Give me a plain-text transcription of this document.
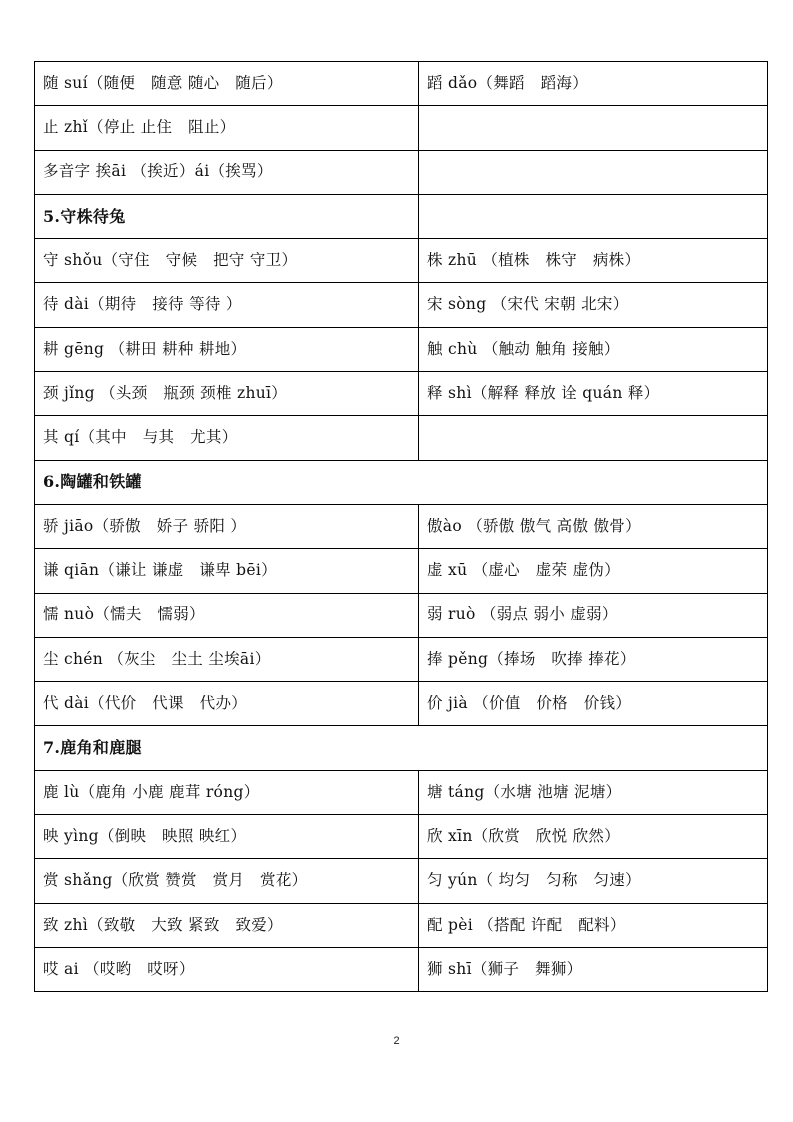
随 suí（随便　随意 随心　随后）	蹈 dǎo（舞蹈　蹈海）
止 zhǐ（停止 止住　阻止）	
多音字 挨āi （挨近）ái（挨骂）	
5.守株待兔	
守 shǒu（守住　守候　把守 守卫）	株 zhū （植株　株守　病株）
待 dài（期待　接待 等待 ）	宋 sòng （宋代 宋朝 北宋）
耕 gēng （耕田 耕种 耕地）	触 chù （触动 触角 接触）
颈 jǐng （头颈　瓶颈 颈椎 zhuī）	释 shì（解释 释放 诠 quán 释）
其 qí（其中　与其　尤其）	
6.陶罐和铁罐	
骄 jiāo（骄傲　娇子 骄阳 ）	傲ào （骄傲 傲气 高傲 傲骨）
谦 qiān（谦让 谦虚　谦卑 bēi）	虚 xū （虚心　虚荣 虚伪）
懦 nuò（懦夫　懦弱）	弱 ruò （弱点 弱小 虚弱）
尘 chén （灰尘　尘土 尘埃āi）	捧 pěng（捧场　吹捧 捧花）
代 dài（代价　代课　代办）	价 jià （价值　价格　价钱）
7.鹿角和鹿腿	
鹿 lù（鹿角 小鹿 鹿茸 róng）	塘 táng（水塘 池塘 泥塘）
映 yìng（倒映　映照 映红）	欣 xīn（欣赏　欣悦 欣然）
赏 shǎng（欣赏 赞赏　赏月　赏花）	匀 yún（ 均匀　匀称　匀速）
致 zhì（致敬　大致 紧致　致爱）	配 pèi （搭配 许配　配料）
哎 ai （哎哟　哎呀）	狮 shī（狮子　舞狮）
2
